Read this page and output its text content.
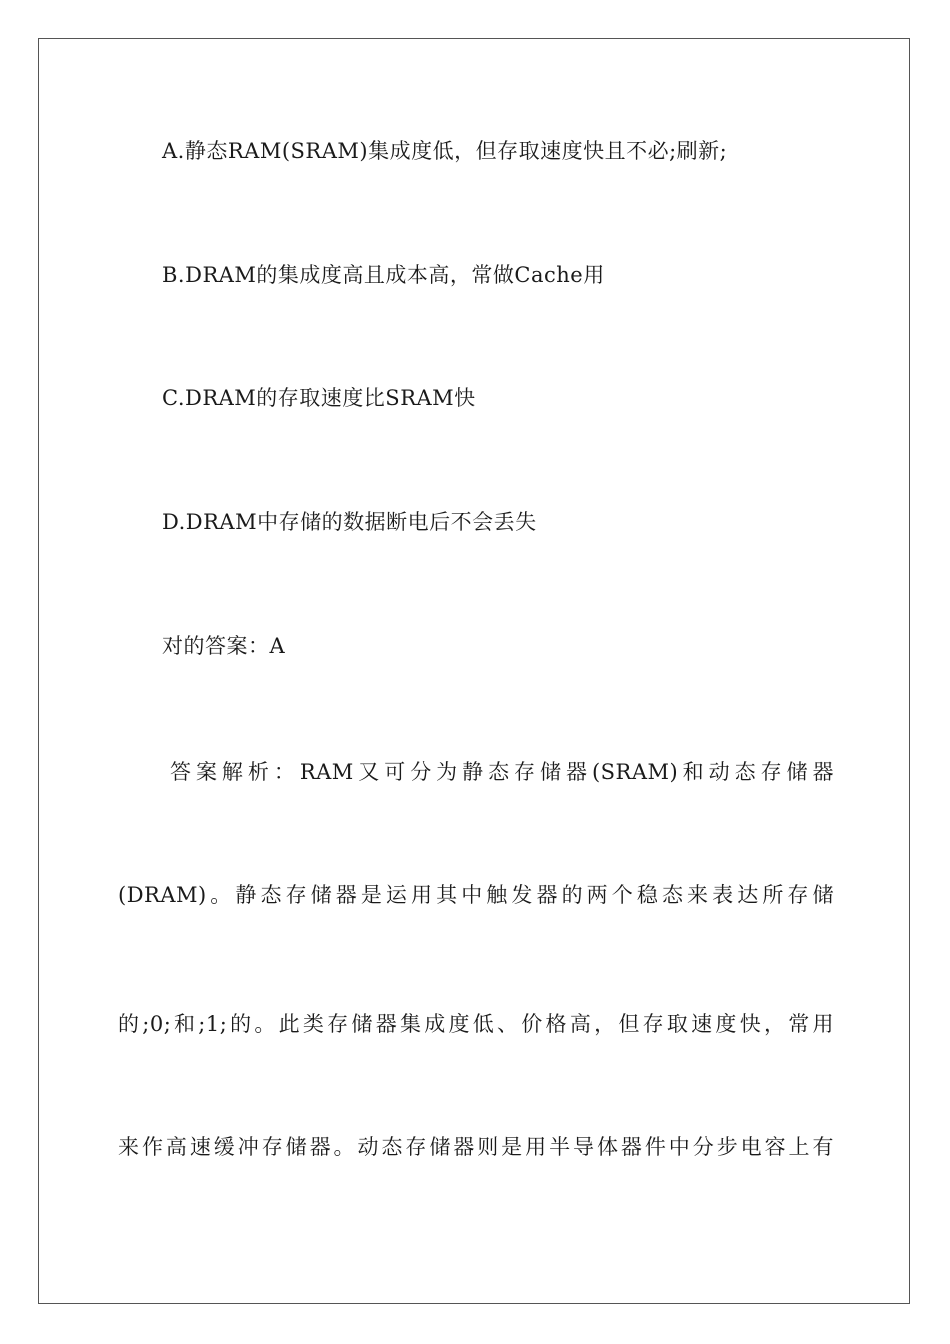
A.静态RAM(SRAM)集成度低，但存取速度快且不必;刷新;
B.DRAM的集成度高且成本高，常做Cache用
C.DRAM的存取速度比SRAM快
D.DRAM中存储的数据断电后不会丢失
对的答案：A
答案解析：RAM又可分为静态存储器(SRAM)和动态存储器
(DRAM)。静态存储器是运用其中触发器的两个稳态来表达所存储
的;0;和;1;的。此类存储器集成度低、价格高，但存取速度快，常用
来作高速缓冲存储器。动态存储器则是用半导体器件中分步电容上有
